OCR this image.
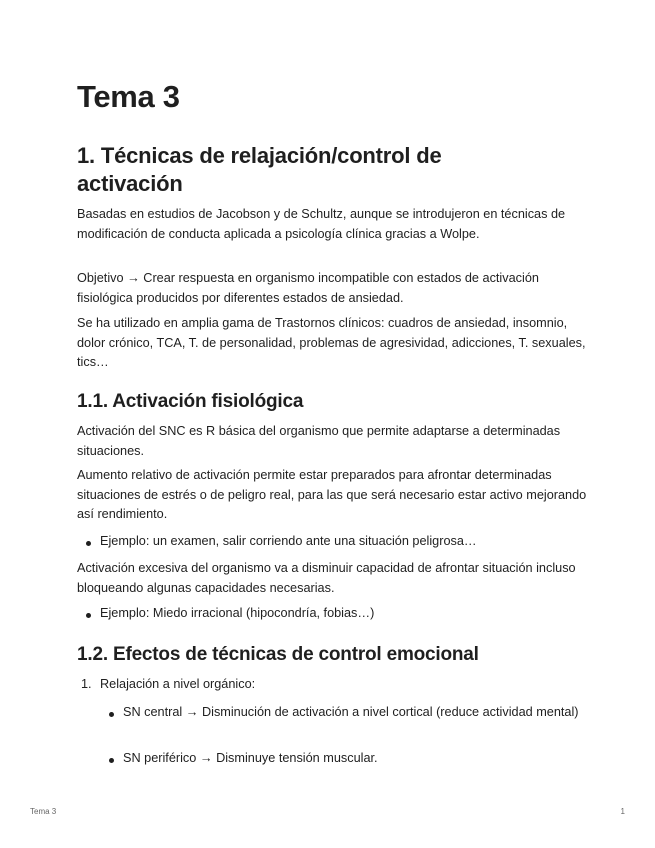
Tema 3
1. Técnicas de relajación/control de activación

Basadas en estudios de Jacobson y de Schultz, aunque se introdujeron en técnicas de modificación de conducta aplicada a psicología clínica gracias a Wolpe.

Objetivo → Crear respuesta en organismo incompatible con estados de activación fisiológica producidos por diferentes estados de ansiedad.

Se ha utilizado en amplia gama de Trastornos clínicos: cuadros de ansiedad, insomnio, dolor crónico, TCA, T. de personalidad, problemas de agresividad, adicciones, T. sexuales, tics…

1.1. Activación fisiológica

Activación del SNC es R básica del organismo que permite adaptarse a determinadas situaciones.

Aumento relativo de activación permite estar preparados para afrontar determinadas situaciones de estrés o de peligro real, para las que será necesario estar activo mejorando así rendimiento.

Ejemplo: un examen, salir corriendo ante una situación peligrosa…

Activación excesiva del organismo va a disminuir capacidad de afrontar situación incluso bloqueando algunas capacidades necesarias.

Ejemplo: Miedo irracional (hipocondría, fobias…)

1.2. Efectos de técnicas de control emocional
1. Relajación a nivel orgánico:

SN central → Disminución de activación a nivel cortical (reduce actividad mental)

SN periférico → Disminuye tensión muscular.

Tema 3	1
